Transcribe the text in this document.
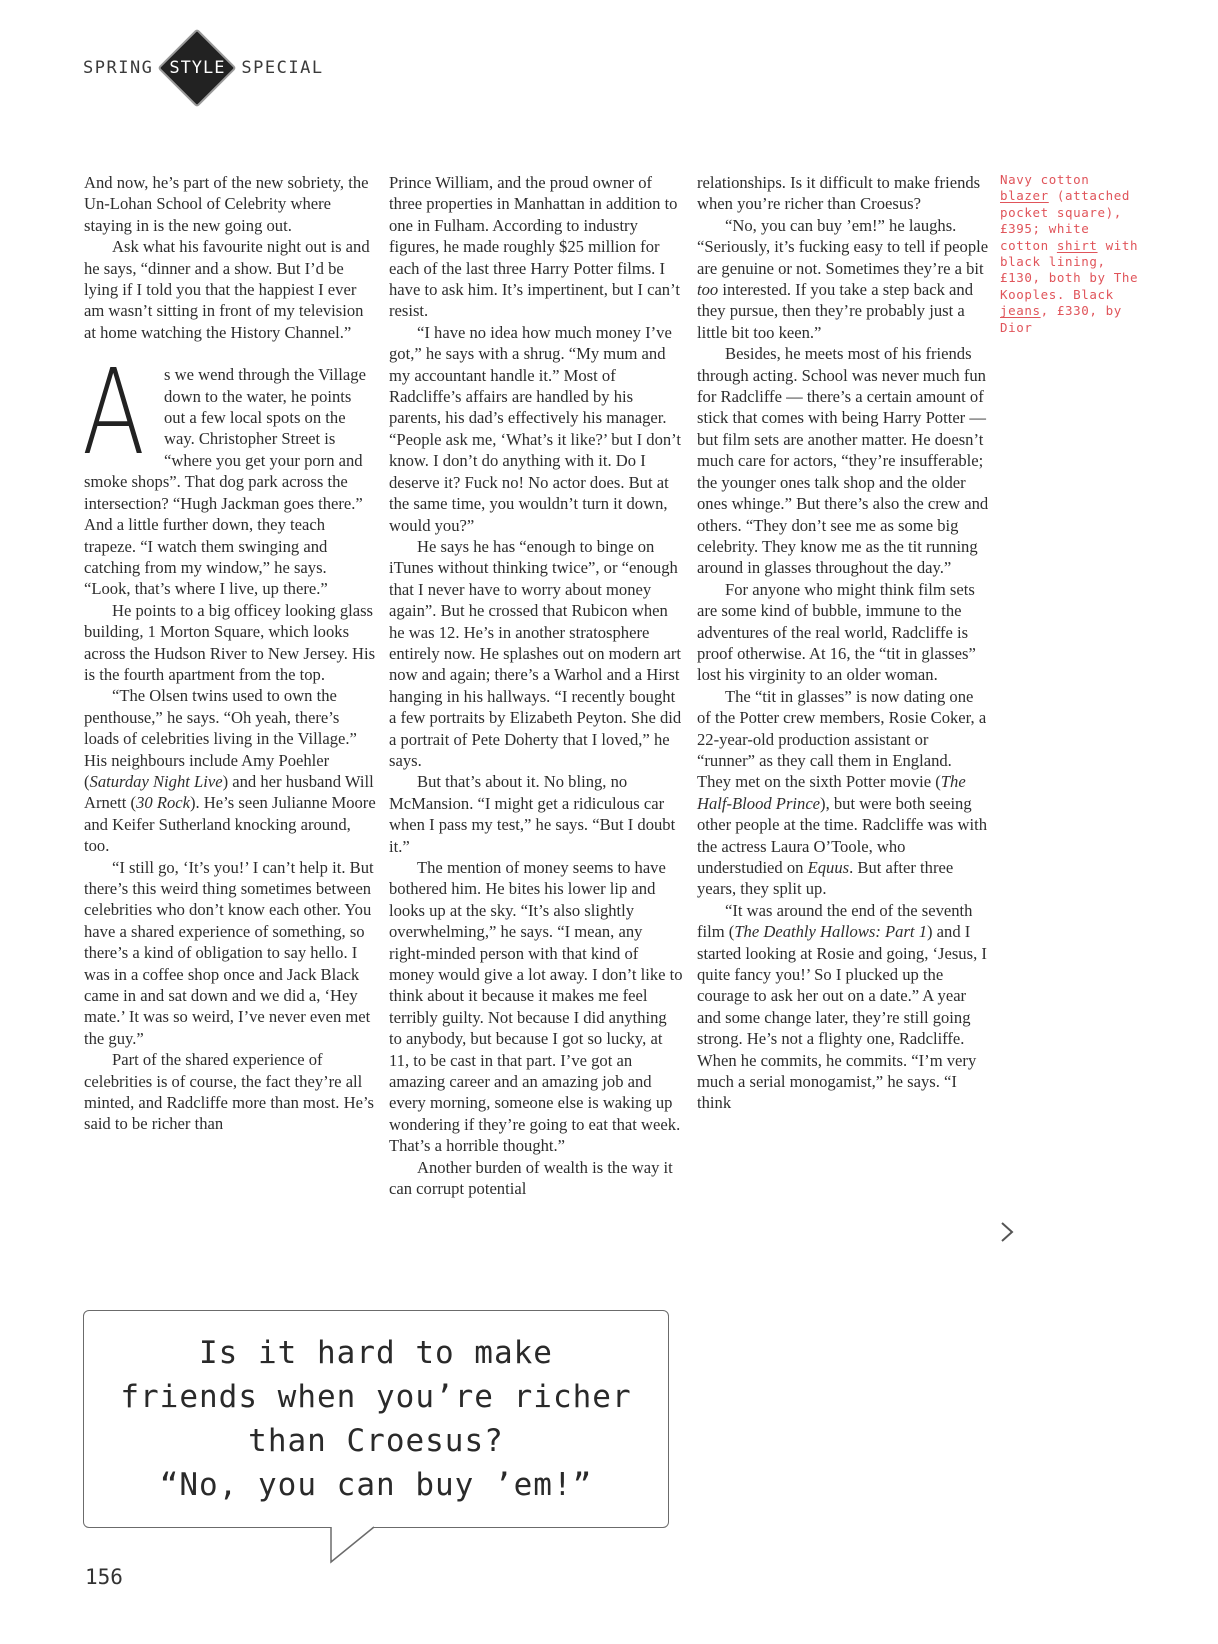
SPRING STYLE SPECIAL

And now, he’s part of the new sobriety, the Un-Lohan School of Celebrity where staying in is the new going out.

Ask what his favourite night out is and he says, “dinner and a show. But I’d be lying if I told you that the happiest I ever am wasn’t sitting in front of my television at home watching the History Channel.”

A s we wend through the Village down to the water, he points out a few local spots on the way. Christopher Street is “where you get your porn and smoke shops”. That dog park across the intersection? “Hugh Jackman goes there.” And a little further down, they teach trapeze. “I watch them swinging and catching from my window,” he says. “Look, that’s where I live, up there.”

He points to a big officey looking glass building, 1 Morton Square, which looks across the Hudson River to New Jersey. His is the fourth apartment from the top.

“The Olsen twins used to own the penthouse,” he says. “Oh yeah, there’s loads of celebrities living in the Village.” His neighbours include Amy Poehler (Saturday Night Live) and her husband Will Arnett (30 Rock). He’s seen Julianne Moore and Keifer Sutherland knocking around, too.

“I still go, ‘It’s you!’ I can’t help it. But there’s this weird thing sometimes between celebrities who don’t know each other. You have a shared experience of something, so there’s a kind of obligation to say hello. I was in a coffee shop once and Jack Black came in and sat down and we did a, ‘Hey mate.’ It was so weird, I’ve never even met the guy.”

Part of the shared experience of celebrities is of course, the fact they’re all minted, and Radcliffe more than most. He’s said to be richer than

Prince William, and the proud owner of three properties in Manhattan in addition to one in Fulham. According to industry figures, he made roughly $25 million for each of the last three Harry Potter films. I have to ask him. It’s impertinent, but I can’t resist.

“I have no idea how much money I’ve got,” he says with a shrug. “My mum and my accountant handle it.” Most of Radcliffe’s affairs are handled by his parents, his dad’s effectively his manager. “People ask me, ‘What’s it like?’ but I don’t know. I don’t do anything with it. Do I deserve it? Fuck no! No actor does. But at the same time, you wouldn’t turn it down, would you?”

He says he has “enough to binge on iTunes without thinking twice”, or “enough that I never have to worry about money again”. But he crossed that Rubicon when he was 12. He’s in another stratosphere entirely now. He splashes out on modern art now and again; there’s a Warhol and a Hirst hanging in his hallways. “I recently bought a few portraits by Elizabeth Peyton. She did a portrait of Pete Doherty that I loved,” he says.

But that’s about it. No bling, no McMansion. “I might get a ridiculous car when I pass my test,” he says. “But I doubt it.”

The mention of money seems to have bothered him. He bites his lower lip and looks up at the sky. “It’s also slightly overwhelming,” he says. “I mean, any right-minded person with that kind of money would give a lot away. I don’t like to think about it because it makes me feel terribly guilty. Not because I did anything to anybody, but because I got so lucky, at 11, to be cast in that part. I’ve got an amazing career and an amazing job and every morning, someone else is waking up wondering if they’re going to eat that week. That’s a horrible thought.”

Another burden of wealth is the way it can corrupt potential

relationships. Is it difficult to make friends when you’re richer than Croesus?

“No, you can buy ’em!” he laughs. “Seriously, it’s fucking easy to tell if people are genuine or not. Sometimes they’re a bit too interested. If you take a step back and they pursue, then they’re probably just a little bit too keen.”

Besides, he meets most of his friends through acting. School was never much fun for Radcliffe — there’s a certain amount of stick that comes with being Harry Potter — but film sets are another matter. He doesn’t much care for actors, “they’re insufferable; the younger ones talk shop and the older ones whinge.” But there’s also the crew and others. “They don’t see me as some big celebrity. They know me as the tit running around in glasses throughout the day.”

For anyone who might think film sets are some kind of bubble, immune to the adventures of the real world, Radcliffe is proof otherwise. At 16, the “tit in glasses” lost his virginity to an older woman.

The “tit in glasses” is now dating one of the Potter crew members, Rosie Coker, a 22-year-old production assistant or “runner” as they call them in England. They met on the sixth Potter movie (The Half-Blood Prince), but were both seeing other people at the time. Radcliffe was with the actress Laura O’Toole, who understudied on Equus. But after three years, they split up.

“It was around the end of the seventh film (The Deathly Hallows: Part 1) and I started looking at Rosie and going, ‘Jesus, I quite fancy you!’ So I plucked up the courage to ask her out on a date.” A year and some change later, they’re still going strong. He’s not a flighty one, Radcliffe. When he commits, he commits. “I’m very much a serial monogamist,” he says. “I think

Navy cotton blazer (attached pocket square), £395; white cotton shirt with black lining, £130, both by The Kooples. Black jeans, £330, by Dior
Is it hard to make
friends when you’re richer
than Croesus?
“No, you can buy ’em!”
156
